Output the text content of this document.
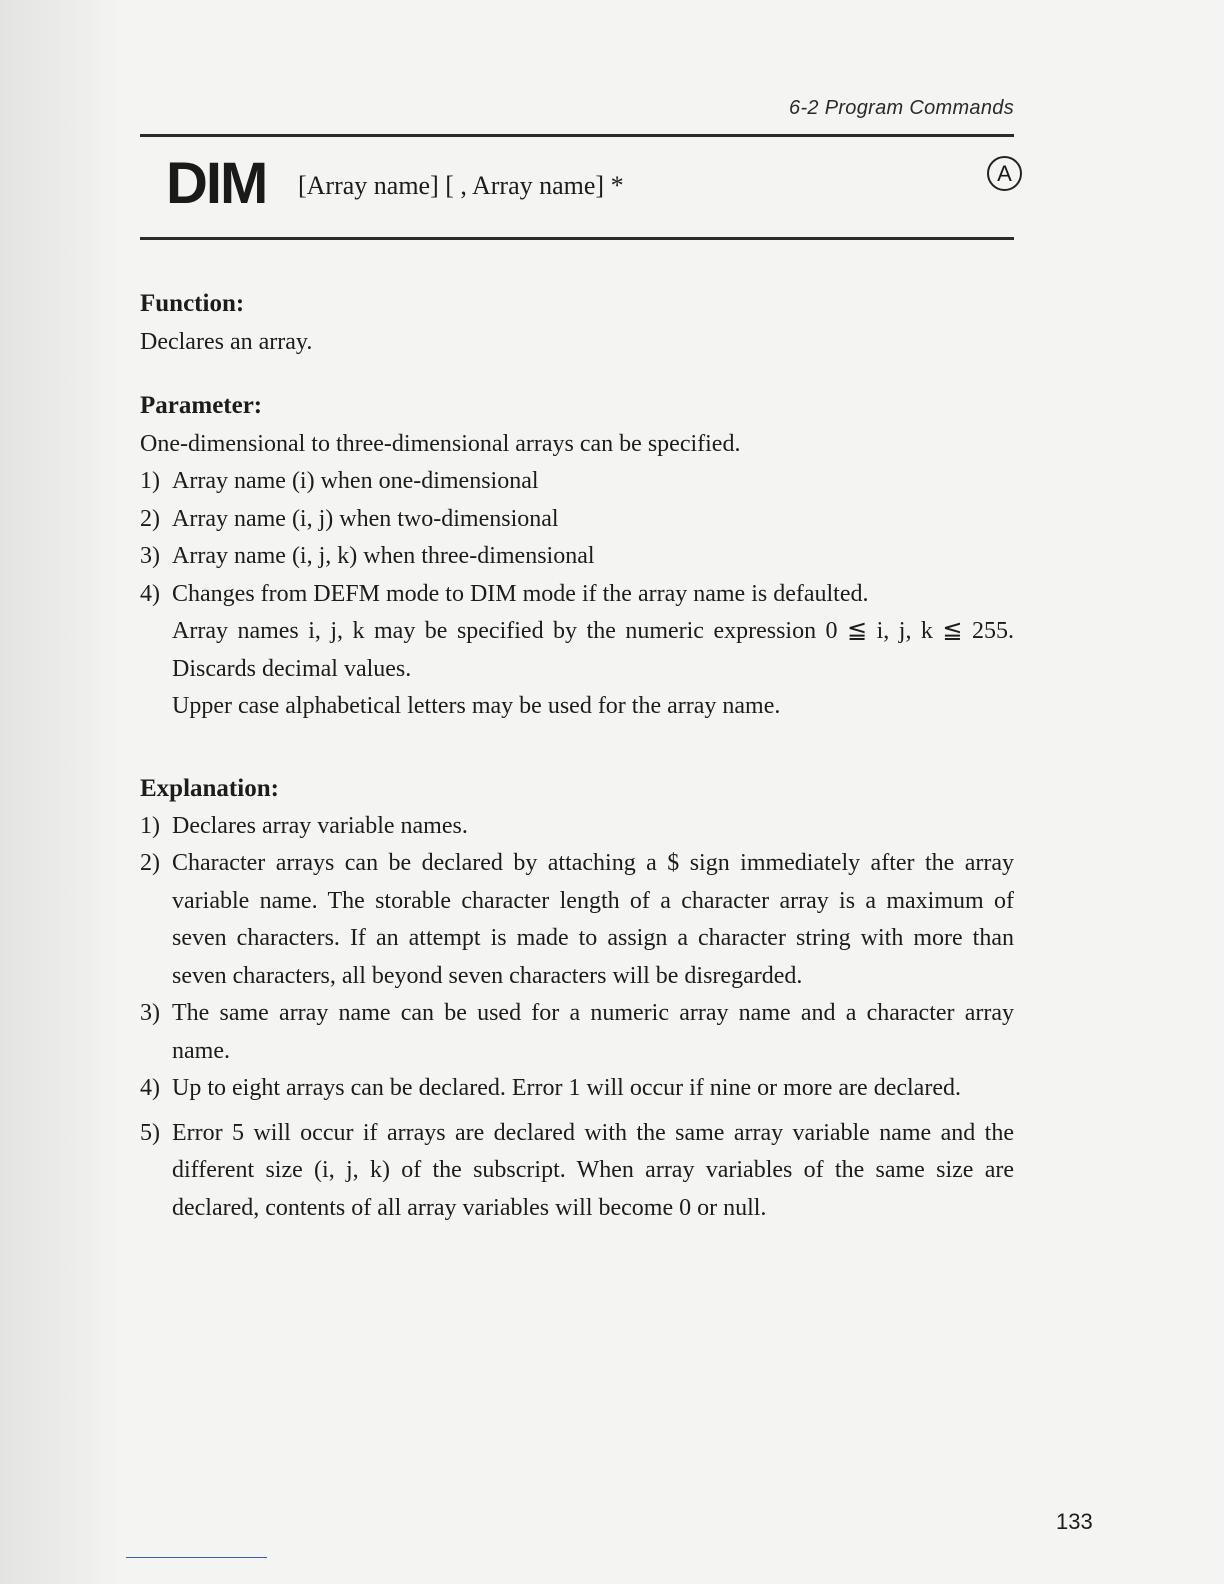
6-2 Program Commands
DIM [Array name] [ , Array name] *	A
Function:
Declares an array.
Parameter:
One-dimensional to three-dimensional arrays can be specified.
1) Array name (i) when one-dimensional
2) Array name (i, j) when two-dimensional
3) Array name (i, j, k) when three-dimensional
4) Changes from DEFM mode to DIM mode if the array name is defaulted.
Array names i, j, k may be specified by the numeric expression 0 ≦ i, j, k ≦ 255. Discards decimal values.
Upper case alphabetical letters may be used for the array name.
Explanation:
1) Declares array variable names.
2) Character arrays can be declared by attaching a $ sign immediately after the array variable name. The storable character length of a character array is a maximum of seven characters. If an attempt is made to assign a character string with more than seven characters, all beyond seven characters will be disregarded.
3) The same array name can be used for a numeric array name and a character array name.
4) Up to eight arrays can be declared. Error 1 will occur if nine or more are declared.
5) Error 5 will occur if arrays are declared with the same array variable name and the different size (i, j, k) of the subscript. When array variables of the same size are declared, contents of all array variables will become 0 or null.
133
